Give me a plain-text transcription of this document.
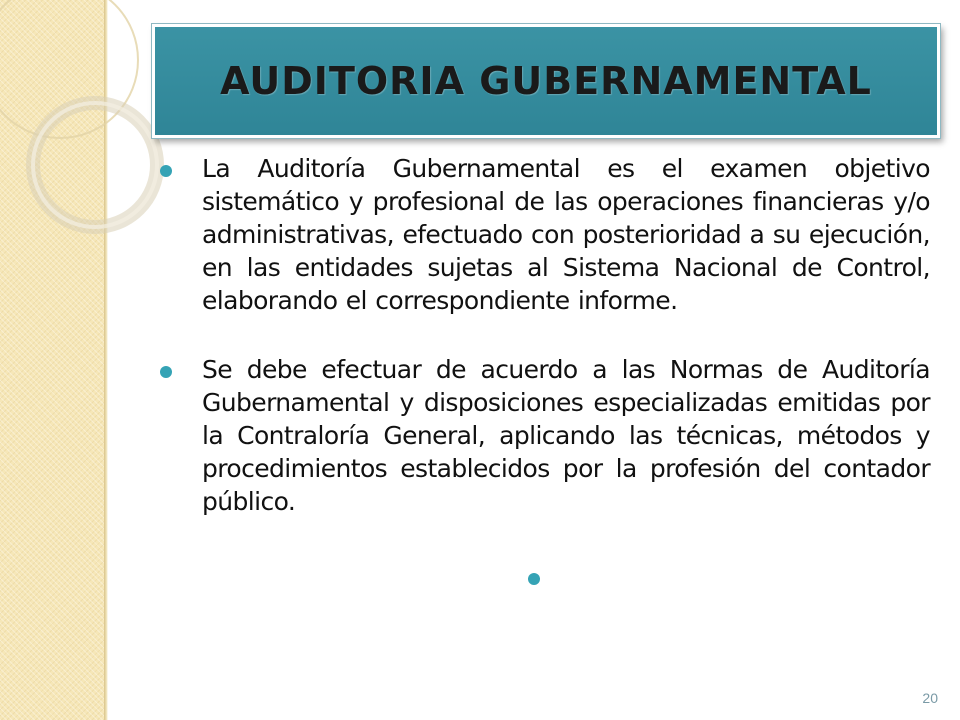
AUDITORIA GUBERNAMENTAL

La Auditoría Gubernamental es el examen objetivo sistemático y profesional de las operaciones financieras y/o administrativas, efectuado con posterioridad a su ejecución, en las entidades sujetas al Sistema Nacional de Control, elaborando el correspondiente informe.

Se debe efectuar de acuerdo a las Normas de Auditoría Gubernamental y disposiciones especializadas emitidas por la Contraloría General, aplicando las técnicas, métodos y procedimientos establecidos por la profesión del contador público.

20
